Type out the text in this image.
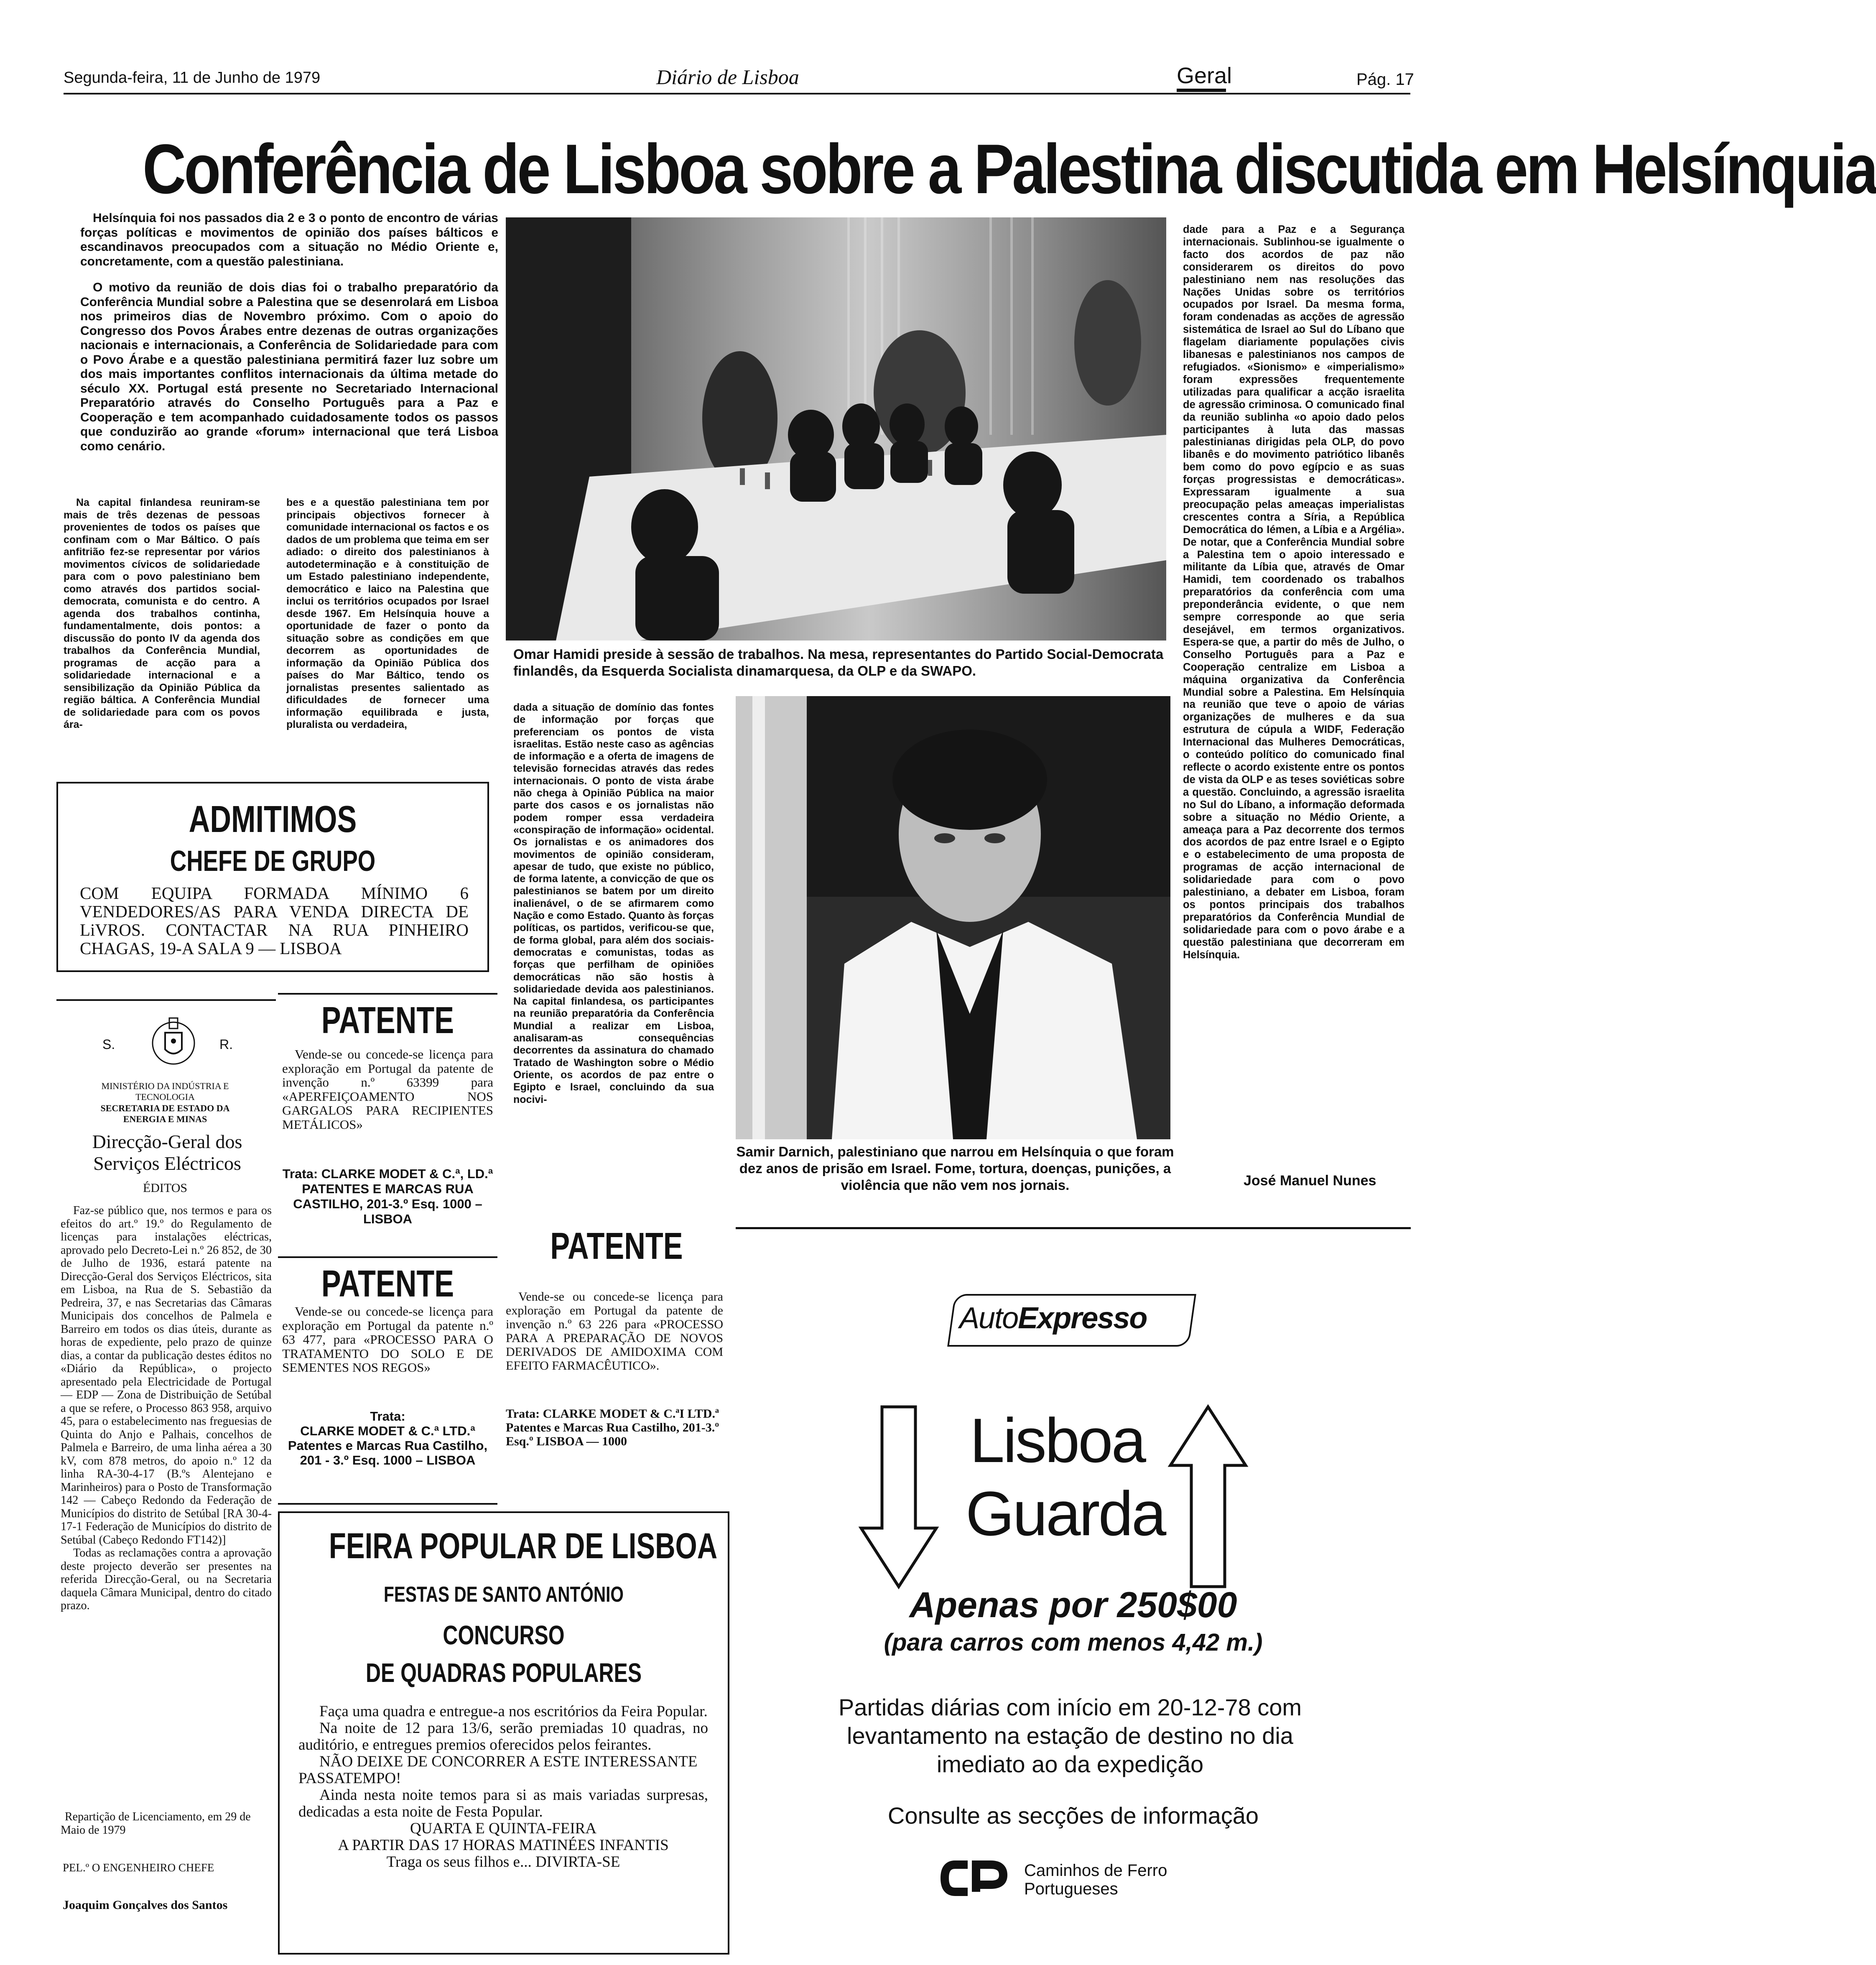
Segunda-feira, 11 de Junho de 1979	Diário de Lisboa	Geral	Pág. 17
Conferência de Lisboa sobre a Palestina discutida em Helsínquia

Helsínquia foi nos passados dia 2 e 3 o ponto de encontro de várias forças políticas e movimentos de opinião dos países bálticos e escandinavos preocupados com a situação no Médio Oriente e, concretamente, com a questão palestiniana.

O motivo da reunião de dois dias foi o trabalho preparatório da Conferência Mundial sobre a Palestina que se desenrolará em Lisboa nos primeiros dias de Novembro próximo. Com o apoio do Congresso dos Povos Árabes entre dezenas de outras organizações nacionais e internacionais, a Conferência de Solidariedade para com o Povo Árabe e a questão palestiniana permitirá fazer luz sobre um dos mais importantes conflitos internacionais da última metade do século XX. Portugal está presente no Secretariado Internacional Preparatório através do Conselho Português para a Paz e Cooperação e tem acompanhado cuidadosamente todos os passos que conduzirão ao grande «forum» internacional que terá Lisboa como cenário.

Na capital finlandesa reuniram-se mais de três dezenas de pessoas provenientes de todos os países que confinam com o Mar Báltico. O país anfitrião fez-se representar por vários movimentos cívicos de solidariedade para com o povo palestiniano bem como através dos partidos social-democrata, comunista e do centro. A agenda dos trabalhos continha, fundamentalmente, dois pontos: a discussão do ponto IV da agenda dos trabalhos da Conferência Mundial, programas de acção para a solidariedade internacional e a sensibilização da Opinião Pública da região báltica. A Conferência Mundial de solidariedade para com os povos ára-

bes e a questão palestiniana tem por principais objectivos fornecer à comunidade internacional os factos e os dados de um problema que teima em ser adiado: o direito dos palestinianos à autodeterminação e à constituição de um Estado palestiniano independente, democrático e laico na Palestina que inclui os territórios ocupados por Israel desde 1967. Em Helsínquia houve a oportunidade de fazer o ponto da situação sobre as condições em que decorrem as oportunidades de informação da Opinião Pública dos países do Mar Báltico, tendo os jornalistas presentes salientado as dificuldades de fornecer uma informação equilibrada e justa, pluralista ou verdadeira,

Omar Hamidi preside à sessão de trabalhos. Na mesa, representantes do Partido Social-Democrata finlandês, da Esquerda Socialista dinamarquesa, da OLP e da SWAPO.

dada a situação de domínio das fontes de informação por forças que preferenciam os pontos de vista israelitas. Estão neste caso as agências de informação e a oferta de imagens de televisão fornecidas através das redes internacionais. O ponto de vista árabe não chega à Opinião Pública na maior parte dos casos e os jornalistas não podem romper essa verdadeira «conspiração de informação» ocidental. Os jornalistas e os animadores dos movimentos de opinião consideram, apesar de tudo, que existe no público, de forma latente, a convicção de que os palestinianos se batem por um direito inalienável, o de se afirmarem como Nação e como Estado. Quanto às forças políticas, os partidos, verificou-se que, de forma global, para além dos sociais-democratas e comunistas, todas as forças que perfilham de opiniões democráticas não são hostis à solidariedade devida aos palestinianos. Na capital finlandesa, os participantes na reunião preparatória da Conferência Mundial a realizar em Lisboa, analisaram-as consequências decorrentes da assinatura do chamado Tratado de Washington sobre o Médio Oriente, os acordos de paz entre o Egipto e Israel, concluindo da sua nocivi-

Samir Darnich, palestiniano que narrou em Helsínquia o que foram dez anos de prisão em Israel. Fome, tortura, doenças, punições, a violência que não vem nos jornais.

dade para a Paz e a Segurança internacionais. Sublinhou-se igualmente o facto dos acordos de paz não considerarem os direitos do povo palestiniano nem nas resoluções das Nações Unidas sobre os territórios ocupados por Israel. Da mesma forma, foram condenadas as acções de agressão sistemática de Israel ao Sul do Líbano que flagelam diariamente populações civis libanesas e palestinianos nos campos de refugiados. «Sionismo» e «imperialismo» foram expressões frequentemente utilizadas para qualificar a acção israelita de agressão criminosa. O comunicado final da reunião sublinha «o apoio dado pelos participantes à luta das massas palestinianas dirigidas pela OLP, do povo libanês e do movimento patriótico libanês bem como do povo egípcio e as suas forças progressistas e democráticas». Expressaram igualmente a sua preocupação pelas ameaças imperialistas crescentes contra a Síria, a República Democrática do Iémen, a Líbia e a Argélia». De notar, que a Conferência Mundial sobre a Palestina tem o apoio interessado e militante da Líbia que, através de Omar Hamidi, tem coordenado os trabalhos preparatórios da conferência com uma preponderância evidente, o que nem sempre corresponde ao que seria desejável, em termos organizativos. Espera-se que, a partir do mês de Julho, o Conselho Português para a Paz e Cooperação centralize em Lisboa a máquina organizativa da Conferência Mundial sobre a Palestina. Em Helsínquia na reunião que teve o apoio de várias organizações de mulheres e da sua estrutura de cúpula a WIDF, Federação Internacional das Mulheres Democráticas, o conteúdo político do comunicado final reflecte o acordo existente entre os pontos de vista da OLP e as teses soviéticas sobre a questão. Concluindo, a agressão israelita no Sul do Líbano, a informação deformada sobre a situação no Médio Oriente, a ameaça para a Paz decorrente dos termos dos acordos de paz entre Israel e o Egipto e o estabelecimento de uma proposta de programas de acção internacional de solidariedade para com o povo palestiniano, a debater em Lisboa, foram os pontos principais dos trabalhos preparatórios da Conferência Mundial de solidariedade para com o povo árabe e a questão palestiniana que decorreram em Helsínquia.

José Manuel Nunes
ADMITIMOS
CHEFE DE GRUPO
COM EQUIPA FORMADA MÍNIMO 6 VENDEDORES/AS PARA VENDA DIRECTA DE LiVROS. CONTACTAR NA RUA PINHEIRO CHAGAS, 19-A SALA 9 — LISBOA
S.	R.
MINISTÉRIO DA INDÚSTRIA E TECNOLOGIA
SECRETARIA DE ESTADO DA ENERGIA E MINAS
Direcção-Geral dos Serviços Eléctricos
ÉDITOS
Faz-se público que, nos termos e para os efeitos do art.º 19.º do Regulamento de licenças para instalações eléctricas, aprovado pelo Decreto-Lei n.º 26 852, de 30 de Julho de 1936, estará patente na Direcção-Geral dos Serviços Eléctricos, sita em Lisboa, na Rua de S. Sebastião da Pedreira, 37, e nas Secretarias das Câmaras Municipais dos concelhos de Palmela e Barreiro em todos os dias úteis, durante as horas de expediente, pelo prazo de quinze dias, a contar da publicação destes éditos no «Diário da República», o projecto apresentado pela Electricidade de Portugal — EDP — Zona de Distribuição de Setúbal a que se refere, o Processo 863 958, arquivo 45, para o estabelecimento nas freguesias de Quinta do Anjo e Palhais, concelhos de Palmela e Barreiro, de uma linha aérea a 30 kV, com 878 metros, do apoio n.º 12 da linha RA-30-4-17 (B.ºs Alentejano e Marinheiros) para o Posto de Transformação 142 — Cabeço Redondo da Federação de Municípios do distrito de Setúbal [RA 30-4-17-1 Federação de Municípios do distrito de Setúbal (Cabeço Redondo FT142)]
Todas as reclamações contra a aprovação deste projecto deverão ser presentes na referida Direcção-Geral, ou na Secretaria daquela Câmara Municipal, dentro do citado prazo.
Repartição de Licenciamento, em 29 de Maio de 1979
PEL.º O ENGENHEIRO CHEFE
Joaquim Gonçalves dos Santos
PATENTE
Vende-se ou concede-se licença para exploração em Portugal da patente de invenção n.º 63399 para «APERFEIÇOAMENTO NOS GARGALOS PARA RECIPIENTES METÁLICOS»
Trata: CLARKE MODET & C.ª, LD.ª PATENTES E MARCAS RUA CASTILHO, 201-3.º Esq. 1000 – LISBOA
PATENTE
Vende-se ou concede-se licença para exploração em Portugal da patente n.º 63 477, para «PROCESSO PARA O TRATAMENTO DO SOLO E DE SEMENTES NOS REGOS»
Trata:
CLARKE MODET & C.ª LTD.ª Patentes e Marcas Rua Castilho, 201 - 3.º Esq. 1000 – LISBOA
PATENTE
Vende-se ou concede-se licença para exploração em Portugal da patente de invenção n.º 63 226 para «PROCESSO PARA A PREPARAÇÃO DE NOVOS DERIVADOS DE AMIDOXIMA COM EFEITO FARMACÊUTICO».
Trata: CLARKE MODET & C.ªI LTD.ª Patentes e Marcas Rua Castilho, 201-3.º Esq.º LISBOA — 1000
FEIRA POPULAR DE LISBOA
FESTAS DE SANTO ANTÓNIO
CONCURSO
DE QUADRAS POPULARES
Faça uma quadra e entregue-a nos escritórios da Feira Popular.
Na noite de 12 para 13/6, serão premiadas 10 quadras, no auditório, e entregues premios oferecidos pelos feirantes.
NÃO DEIXE DE CONCORRER A ESTE INTERESSANTE PASSATEMPO!
Ainda nesta noite temos para si as mais variadas surpresas, dedicadas a esta noite de Festa Popular.
QUARTA E QUINTA-FEIRA
A PARTIR DAS 17 HORAS MATINÉES INFANTIS
Traga os seus filhos e... DIVIRTA-SE
AutoExpresso
Lisboa
Guarda
Apenas por 250$00
(para carros com menos 4,42 m.)
Partidas diárias com início em 20-12-78 com levantamento na estação de destino no dia imediato ao da expedição
Consulte as secções de informação
Caminhos de Ferro
Portugueses
